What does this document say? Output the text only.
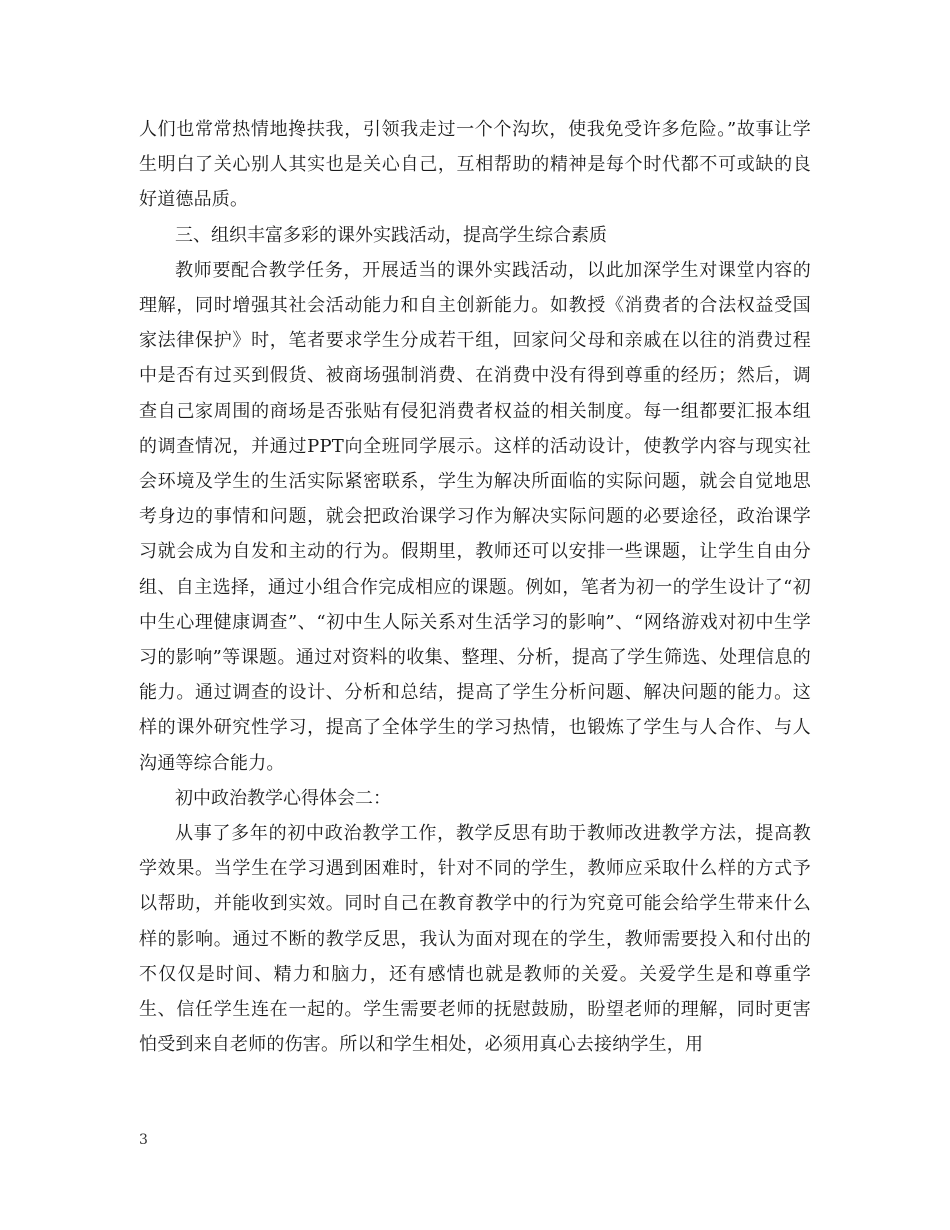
人们也常常热情地搀扶我，引领我走过一个个沟坎，使我免受许多危险。”故事让学生明白了关心别人其实也是关心自己，互相帮助的精神是每个时代都不可或缺的良好道德品质。

三、组织丰富多彩的课外实践活动，提高学生综合素质

教师要配合教学任务，开展适当的课外实践活动，以此加深学生对课堂内容的理解，同时增强其社会活动能力和自主创新能力。如教授《消费者的合法权益受国家法律保护》时，笔者要求学生分成若干组，回家问父母和亲戚在以往的消费过程中是否有过买到假货、被商场强制消费、在消费中没有得到尊重的经历；然后，调查自己家周围的商场是否张贴有侵犯消费者权益的相关制度。每一组都要汇报本组的调查情况，并通过PPT向全班同学展示。这样的活动设计，使教学内容与现实社会环境及学生的生活实际紧密联系，学生为解决所面临的实际问题，就会自觉地思考身边的事情和问题，就会把政治课学习作为解决实际问题的必要途径，政治课学习就会成为自发和主动的行为。假期里，教师还可以安排一些课题，让学生自由分组、自主选择，通过小组合作完成相应的课题。例如，笔者为初一的学生设计了“初中生心理健康调查”、“初中生人际关系对生活学习的影响”、“网络游戏对初中生学习的影响”等课题。通过对资料的收集、整理、分析，提高了学生筛选、处理信息的能力。通过调查的设计、分析和总结，提高了学生分析问题、解决问题的能力。这样的课外研究性学习，提高了全体学生的学习热情，也锻炼了学生与人合作、与人沟通等综合能力。

初中政治教学心得体会二：

从事了多年的初中政治教学工作，教学反思有助于教师改进教学方法，提高教学效果。当学生在学习遇到困难时，针对不同的学生，教师应采取什么样的方式予以帮助，并能收到实效。同时自己在教育教学中的行为究竟可能会给学生带来什么样的影响。通过不断的教学反思，我认为面对现在的学生，教师需要投入和付出的不仅仅是时间、精力和脑力，还有感情也就是教师的关爱。关爱学生是和尊重学生、信任学生连在一起的。学生需要老师的抚慰鼓励，盼望老师的理解，同时更害怕受到来自老师的伤害。所以和学生相处，必须用真心去接纳学生，用

3
